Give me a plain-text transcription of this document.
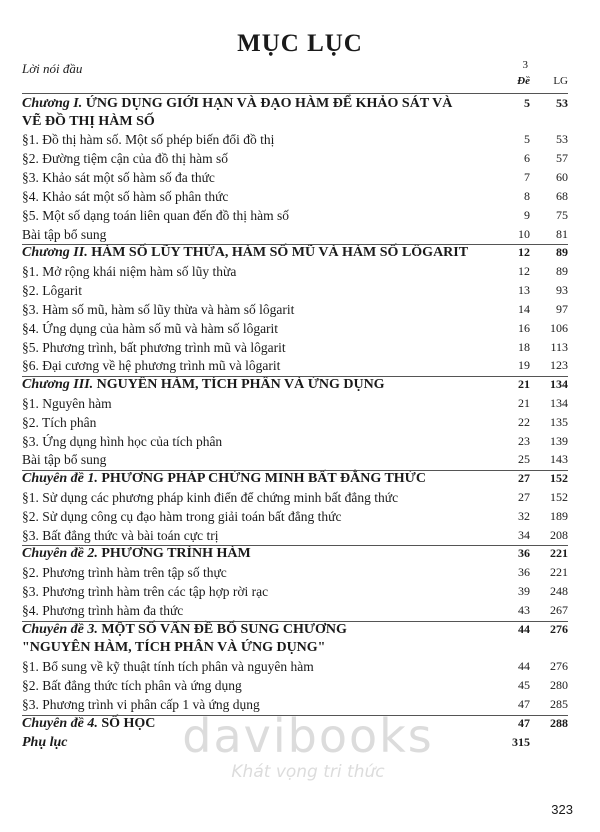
MỤC LỤC
Lời nói đầu	3
Đề	LG
Chương I. ỨNG DỤNG GIỚI HẠN VÀ ĐẠO HÀM ĐỂ KHẢO SÁT VÀ
VẼ ĐỒ THỊ HÀM SỐ
5	53
§1. Đồ thị hàm số. Một số phép biến đổi đồ thị	5	53
§2. Đường tiệm cận của đồ thị hàm số	6	57
§3. Khảo sát một số hàm số đa thức	7	60
§4. Khảo sát một số hàm số phân thức	8	68
§5. Một số dạng toán liên quan đến đồ thị hàm số	9	75
Bài tập bổ sung	10	81
Chương II. HÀM SỐ LŨY THỪA, HÀM SỐ MŨ VÀ HÀM SỐ LÔGARIT	12	89
§1. Mở rộng khái niệm hàm số lũy thừa	12	89
§2. Lôgarit	13	93
§3. Hàm số mũ, hàm số lũy thừa và hàm số lôgarit	14	97
§4. Ứng dụng của hàm số mũ và hàm số lôgarit	16	106
§5. Phương trình, bất phương trình mũ và lôgarit	18	113
§6. Đại cương về hệ phương trình mũ và lôgarit	19	123
Chương III. NGUYÊN HÀM, TÍCH PHÂN VÀ ỨNG DỤNG	21	134
§1. Nguyên hàm	21	134
§2. Tích phân	22	135
§3. Ứng dụng hình học của tích phân	23	139
Bài tập bổ sung	25	143
Chuyên đề 1. PHƯƠNG PHÁP CHỨNG MINH BẤT ĐẲNG THỨC	27	152
§1. Sử dụng các phương pháp kinh điển để chứng minh bất đẳng thức	27	152
§2. Sử dụng công cụ đạo hàm trong giải toán bất đẳng thức	32	189
§3. Bất đẳng thức và bài toán cực trị	34	208
Chuyên đề 2. PHƯƠNG TRÌNH HÀM	36	221
§2. Phương trình hàm trên tập số thực	36	221
§3. Phương trình hàm trên các tập hợp rời rạc	39	248
§4. Phương trình hàm đa thức	43	267
Chuyên đề 3. MỘT SỐ VẤN ĐỀ BỔ SUNG CHƯƠNG
"NGUYÊN HÀM, TÍCH PHÂN VÀ ỨNG DỤNG"
44	276
§1. Bổ sung về kỹ thuật tính tích phân và nguyên hàm	44	276
§2. Bất đẳng thức tích phân và ứng dụng	45	280
§3. Phương trình vi phân cấp 1 và ứng dụng	47	285
Chuyên đề 4. SỐ HỌC	47	288
Phụ lục	315
davibooks
Khát vọng tri thức
323
